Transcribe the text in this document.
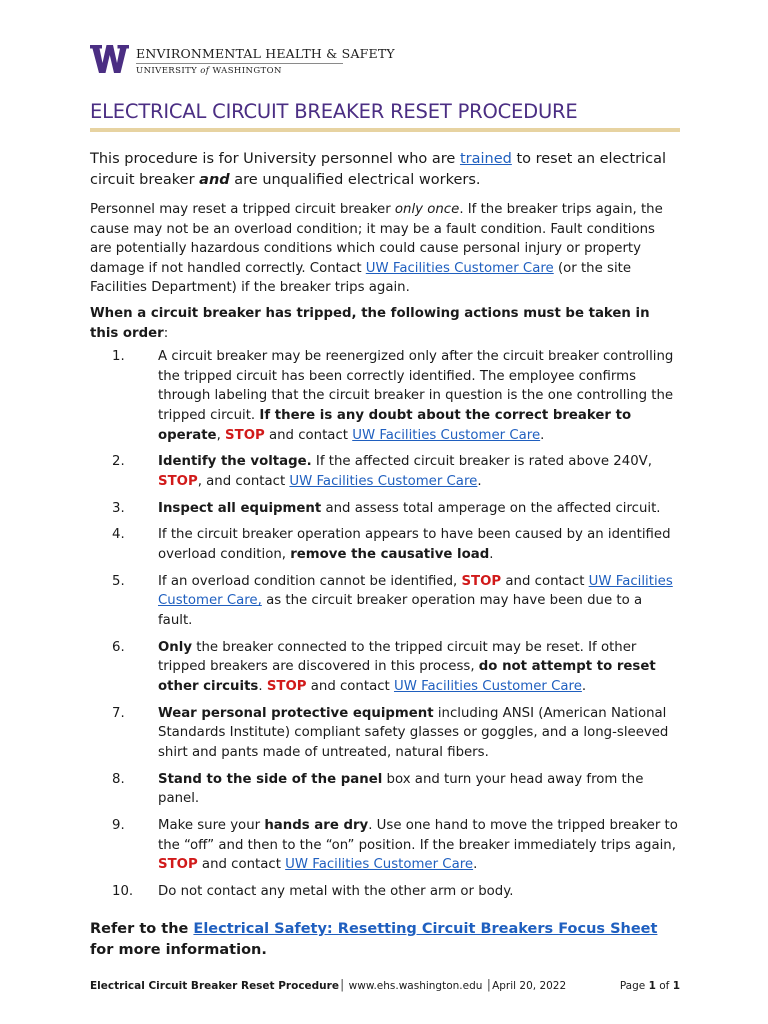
ENVIRONMENTAL HEALTH & SAFETY
UNIVERSITY of WASHINGTON
ELECTRICAL CIRCUIT BREAKER RESET PROCEDURE

This procedure is for University personnel who are trained to reset an electrical circuit breaker and are unqualified electrical workers.

Personnel may reset a tripped circuit breaker only once. If the breaker trips again, the cause may not be an overload condition; it may be a fault condition. Fault conditions are potentially hazardous conditions which could cause personal injury or property damage if not handled correctly. Contact UW Facilities Customer Care (or the site Facilities Department) if the breaker trips again.

When a circuit breaker has tripped, the following actions must be taken in this order:

1.	A circuit breaker may be reenergized only after the circuit breaker controlling the tripped circuit has been correctly identified. The employee confirms through labeling that the circuit breaker in question is the one controlling the tripped circuit. If there is any doubt about the correct breaker to operate, STOP and contact UW Facilities Customer Care.
2.	Identify the voltage. If the affected circuit breaker is rated above 240V, STOP, and contact UW Facilities Customer Care.
3.	Inspect all equipment and assess total amperage on the affected circuit.
4.	If the circuit breaker operation appears to have been caused by an identified overload condition, remove the causative load.
5.	If an overload condition cannot be identified, STOP and contact UW Facilities Customer Care, as the circuit breaker operation may have been due to a fault.
6.	Only the breaker connected to the tripped circuit may be reset. If other tripped breakers are discovered in this process, do not attempt to reset other circuits. STOP and contact UW Facilities Customer Care.
7.	Wear personal protective equipment including ANSI (American National Standards Institute) compliant safety glasses or goggles, and a long-sleeved shirt and pants made of untreated, natural fibers.
8.	Stand to the side of the panel box and turn your head away from the panel.
9.	Make sure your hands are dry. Use one hand to move the tripped breaker to the “off” and then to the “on” position. If the breaker immediately trips again, STOP and contact UW Facilities Customer Care.
10. Do not contact any metal with the other arm or body.

Refer to the Electrical Safety: Resetting Circuit Breakers Focus Sheet for more information.

Electrical Circuit Breaker Reset Procedure│ www.ehs.washington.edu │April 20, 2022	Page 1 of 1
